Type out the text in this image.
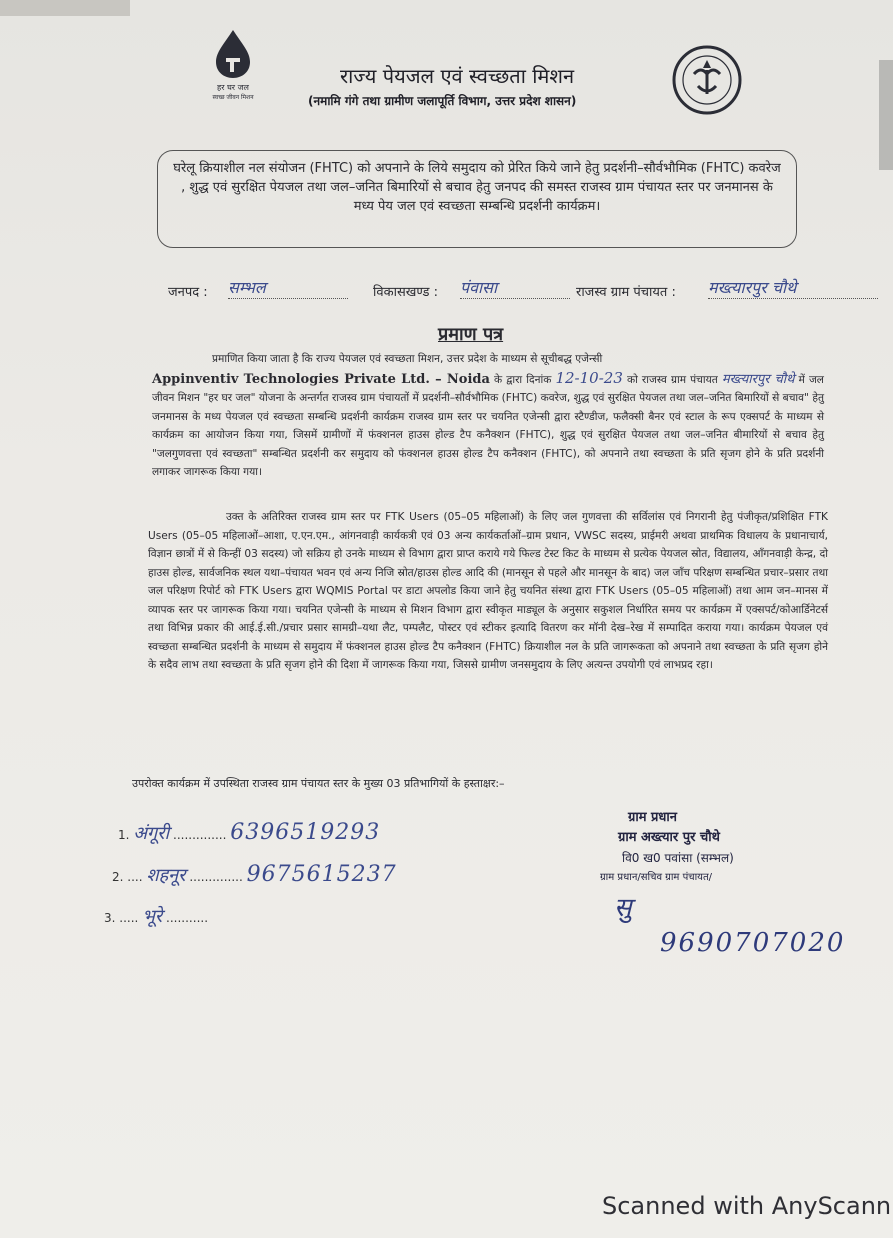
हर घर जल
स्वच्छ जीवन मिशन
राज्य पेयजल एवं स्वच्छता मिशन
(नमामि गंगे तथा ग्रामीण जलापूर्ति विभाग, उत्तर प्रदेश शासन)
घरेलू क्रियाशील नल संयोजन (FHTC) को अपनाने के लिये समुदाय को प्रेरित किये जाने हेतु प्रदर्शनी–सौर्वभौमिक (FHTC) कवरेज , शुद्ध एवं सुरक्षित पेयजल तथा जल–जनित बिमारियों से बचाव हेतु जनपद की समस्त राजस्व ग्राम पंचायत स्तर पर जनमानस के मध्य पेय जल एवं स्वच्छता सम्बन्धि प्रदर्शनी कार्यक्रम।
जनपद : सम्भल	विकासखण्ड : पंवासा	राजस्व ग्राम पंचायत : मख्त्यारपुर चौथे
प्रमाण पत्र
प्रमाणित किया जाता है कि राज्य पेयजल एवं स्वच्छता मिशन, उत्तर प्रदेश के माध्यम से सूचीबद्ध एजेन्सी
Appinventiv Technologies Private Ltd. – Noida के द्वारा दिनांक 12-10-23 को राजस्व ग्राम पंचायत मख्त्यारपुर चौथे में जल जीवन मिशन "हर घर जल" योजना के अन्तर्गत राजस्व ग्राम पंचायतों में प्रदर्शनी–सौर्वभौमिक (FHTC) कवरेज, शुद्ध एवं सुरक्षित पेयजल तथा जल–जनित बिमारियों से बचाव" हेतु जनमानस के मध्य पेयजल एवं स्वच्छता सम्बन्धि प्रदर्शनी कार्यक्रम राजस्व ग्राम स्तर पर चयनित एजेन्सी द्वारा स्टैण्डीज, फलैक्सी बैनर एवं स्टाल के रूप एक्सपर्ट के माध्यम से कार्यक्रम का आयोजन किया गया, जिसमें ग्रामीणों में फंक्शनल हाउस होल्ड टैप कनैक्शन (FHTC), शुद्ध एवं सुरक्षित पेयजल तथा जल–जनित बीमारियों से बचाव हेतु "जलगुणवत्ता एवं स्वच्छता" सम्बन्धित प्रदर्शनी कर समुदाय को फंक्शनल हाउस होल्ड टैप कनैक्शन (FHTC), को अपनाने तथा स्वच्छता के प्रति सृजग होने के प्रति प्रदर्शनी लगाकर जागरूक किया गया।
उक्त के अतिरिक्त राजस्व ग्राम स्तर पर FTK Users (05–05 महिलाओं) के लिए जल गुणवत्ता की सर्विलांस एवं निगरानी हेतु पंजीकृत/प्रशिक्षित FTK Users (05–05 महिलाओं–आशा, ए.एन.एम., आंगनवाड़ी कार्यकत्री एवं 03 अन्य कार्यकर्ताओं–ग्राम प्रधान, VWSC सदस्य, प्राईमरी अथवा प्राथमिक विधालय के प्रधानाचार्य, विज्ञान छात्रों में से किन्हीं 03 सदस्य) जो सक्रिय हो उनके माध्यम से विभाग द्वारा प्राप्त कराये गये फिल्ड टेस्ट किट के माध्यम से प्रत्येक पेयजल स्रोत, विद्यालय, आँगनवाड़ी केन्द्र, दो हाउस होल्ड, सार्वजनिक स्थल यथा–पंचायत भवन एवं अन्य निजि स्रोत/हाउस होल्ड आदि की (मानसून से पहले और मानसून के बाद) जल जाँच परिक्षण सम्बन्धित प्रचार–प्रसार तथा जल परिक्षण रिपोर्ट को FTK Users द्वारा WQMIS Portal पर डाटा अपलोड किया जाने हेतु चयनित संस्था द्वारा FTK Users (05–05 महिलाओं) तथा आम जन–मानस में व्यापक स्तर पर जागरूक किया गया। चयनित एजेन्सी के माध्यम से मिशन विभाग द्वारा स्वीकृत माड्यूल के अनुसार सकुशल निर्धारित समय पर कार्यक्रम में एक्सपर्ट/कोआर्डिनेटर्स तथा विभिन्न प्रकार की आई.ई.सी./प्रचार प्रसार सामग्री–यथा लैट, पम्पलैट, पोस्टर एवं स्टीकर इत्यादि वितरण कर मॉनी देख–रेख में सम्पादित कराया गया। कार्यक्रम पेयजल एवं स्वच्छता सम्बन्धित प्रदर्शनी के माध्यम से समुदाय में फंक्शनल हाउस होल्ड टैप कनैक्शन (FHTC) क्रियाशील नल के प्रति जागरूकता को अपनाने तथा स्वच्छता के प्रति सृजग होने के सदैव लाभ तथा स्वच्छता के प्रति सृजग होने की दिशा में जागरूक किया गया, जिससे ग्रामीण जनसमुदाय के लिए अत्यन्त उपयोगी एवं लाभप्रद रहा।
उपरोक्त कार्यक्रम में उपस्थिता राजस्व ग्राम पंचायत स्तर के मुख्य 03 प्रतिभागियों के हस्ताक्षर:–
1. अंगूरी .............. 6396519293
2. .... शहनूर .............. 9675615237
3. ..... भूरे ...........
ग्राम प्रधान
ग्राम अख्त्यार पुर चौथे
वि0 ख0 पवांसा (सम्भल)
ग्राम प्रधान/सचिव ग्राम पंचायत/
सु
9690707020
Scanned with AnyScann
